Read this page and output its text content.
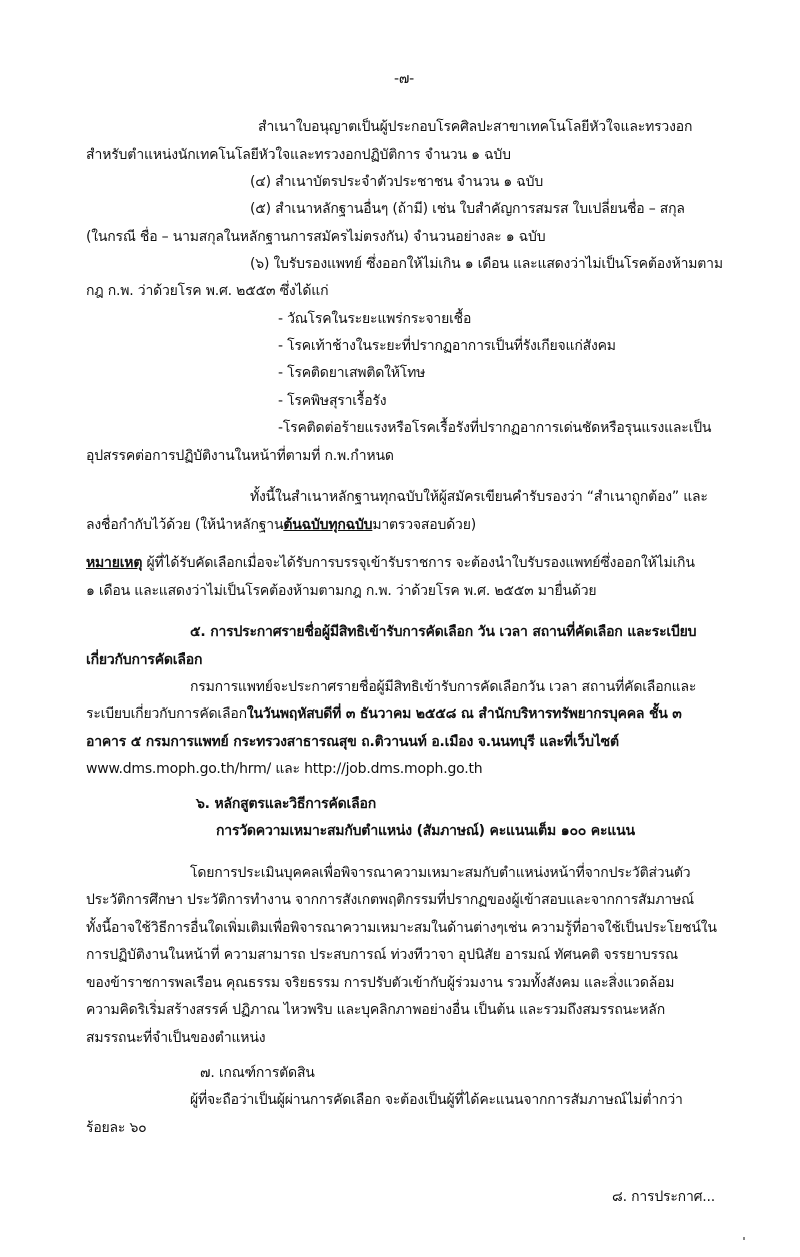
-๗-
สำเนาใบอนุญาตเป็นผู้ประกอบโรคศิลปะสาขาเทคโนโลยีหัวใจและทรวงอก
สำหรับตำแหน่งนักเทคโนโลยีหัวใจและทรวงอกปฏิบัติการ จำนวน ๑ ฉบับ
(๔) สำเนาบัตรประจำตัวประชาชน จำนวน ๑ ฉบับ
(๕) สำเนาหลักฐานอื่นๆ (ถ้ามี) เช่น ใบสำคัญการสมรส ใบเปลี่ยนชื่อ – สกุล
(ในกรณี ชื่อ – นามสกุลในหลักฐานการสมัครไม่ตรงกัน) จำนวนอย่างละ ๑ ฉบับ
(๖) ใบรับรองแพทย์ ซึ่งออกให้ไม่เกิน ๑ เดือน และแสดงว่าไม่เป็นโรคต้องห้ามตาม
กฎ ก.พ. ว่าด้วยโรค พ.ศ. ๒๕๕๓ ซึ่งได้แก่
- วัณโรคในระยะแพร่กระจายเชื้อ
- โรคเท้าช้างในระยะที่ปรากฏอาการเป็นที่รังเกียจแก่สังคม
- โรคติดยาเสพติดให้โทษ
- โรคพิษสุราเรื้อรัง
-โรคติดต่อร้ายแรงหรือโรคเรื้อรังที่ปรากฏอาการเด่นชัดหรือรุนแรงและเป็น
อุปสรรคต่อการปฏิบัติงานในหน้าที่ตามที่ ก.พ.กำหนด
ทั้งนี้ในสำเนาหลักฐานทุกฉบับให้ผู้สมัครเขียนคำรับรองว่า “สำเนาถูกต้อง” และ
ลงชื่อกำกับไว้ด้วย (ให้นำหลักฐานต้นฉบับทุกฉบับมาตรวจสอบด้วย)
หมายเหตุ ผู้ที่ได้รับคัดเลือกเมื่อจะได้รับการบรรจุเข้ารับราชการ จะต้องนำใบรับรองแพทย์ซึ่งออกให้ไม่เกิน
๑ เดือน และแสดงว่าไม่เป็นโรคต้องห้ามตามกฎ ก.พ. ว่าด้วยโรค พ.ศ. ๒๕๕๓ มายื่นด้วย
๕. การประกาศรายชื่อผู้มีสิทธิเข้ารับการคัดเลือก วัน เวลา สถานที่คัดเลือก และระเบียบ
เกี่ยวกับการคัดเลือก
กรมการแพทย์จะประกาศรายชื่อผู้มีสิทธิเข้ารับการคัดเลือกวัน เวลา สถานที่คัดเลือกและ
ระเบียบเกี่ยวกับการคัดเลือกในวันพฤหัสบดีที่ ๓ ธันวาคม ๒๕๕๘ ณ สำนักบริหารทรัพยากรบุคคล ชั้น ๓
อาคาร ๕ กรมการแพทย์ กระทรวงสาธารณสุข ถ.ติวานนท์ อ.เมือง จ.นนทบุรี และที่เว็บไซต์
www.dms.moph.go.th/hrm/ และ http://job.dms.moph.go.th
๖. หลักสูตรและวิธีการคัดเลือก
การวัดความเหมาะสมกับตำแหน่ง (สัมภาษณ์) คะแนนเต็ม ๑๐๐ คะแนน
โดยการประเมินบุคคลเพื่อพิจารณาความเหมาะสมกับตำแหน่งหน้าที่จากประวัติส่วนตัว
ประวัติการศึกษา ประวัติการทำงาน จากการสังเกตพฤติกรรมที่ปรากฏของผู้เข้าสอบและจากการสัมภาษณ์
ทั้งนี้อาจใช้วิธีการอื่นใดเพิ่มเติมเพื่อพิจารณาความเหมาะสมในด้านต่างๆเช่น ความรู้ที่อาจใช้เป็นประโยชน์ใน
การปฏิบัติงานในหน้าที่ ความสามารถ ประสบการณ์ ท่วงทีวาจา อุปนิสัย อารมณ์ ทัศนคติ จรรยาบรรณ
ของข้าราชการพลเรือน คุณธรรม จริยธรรม การปรับตัวเข้ากับผู้ร่วมงาน รวมทั้งสังคม และสิ่งแวดล้อม
ความคิดริเริ่มสร้างสรรค์ ปฏิภาณ ไหวพริบ และบุคลิกภาพอย่างอื่น เป็นต้น และรวมถึงสมรรถนะหลัก
สมรรถนะที่จำเป็นของตำแหน่ง
๗. เกณฑ์การตัดสิน
ผู้ที่จะถือว่าเป็นผู้ผ่านการคัดเลือก จะต้องเป็นผู้ที่ได้คะแนนจากการสัมภาษณ์ไม่ต่ำกว่า
ร้อยละ ๖๐
๘. การประกาศ...
